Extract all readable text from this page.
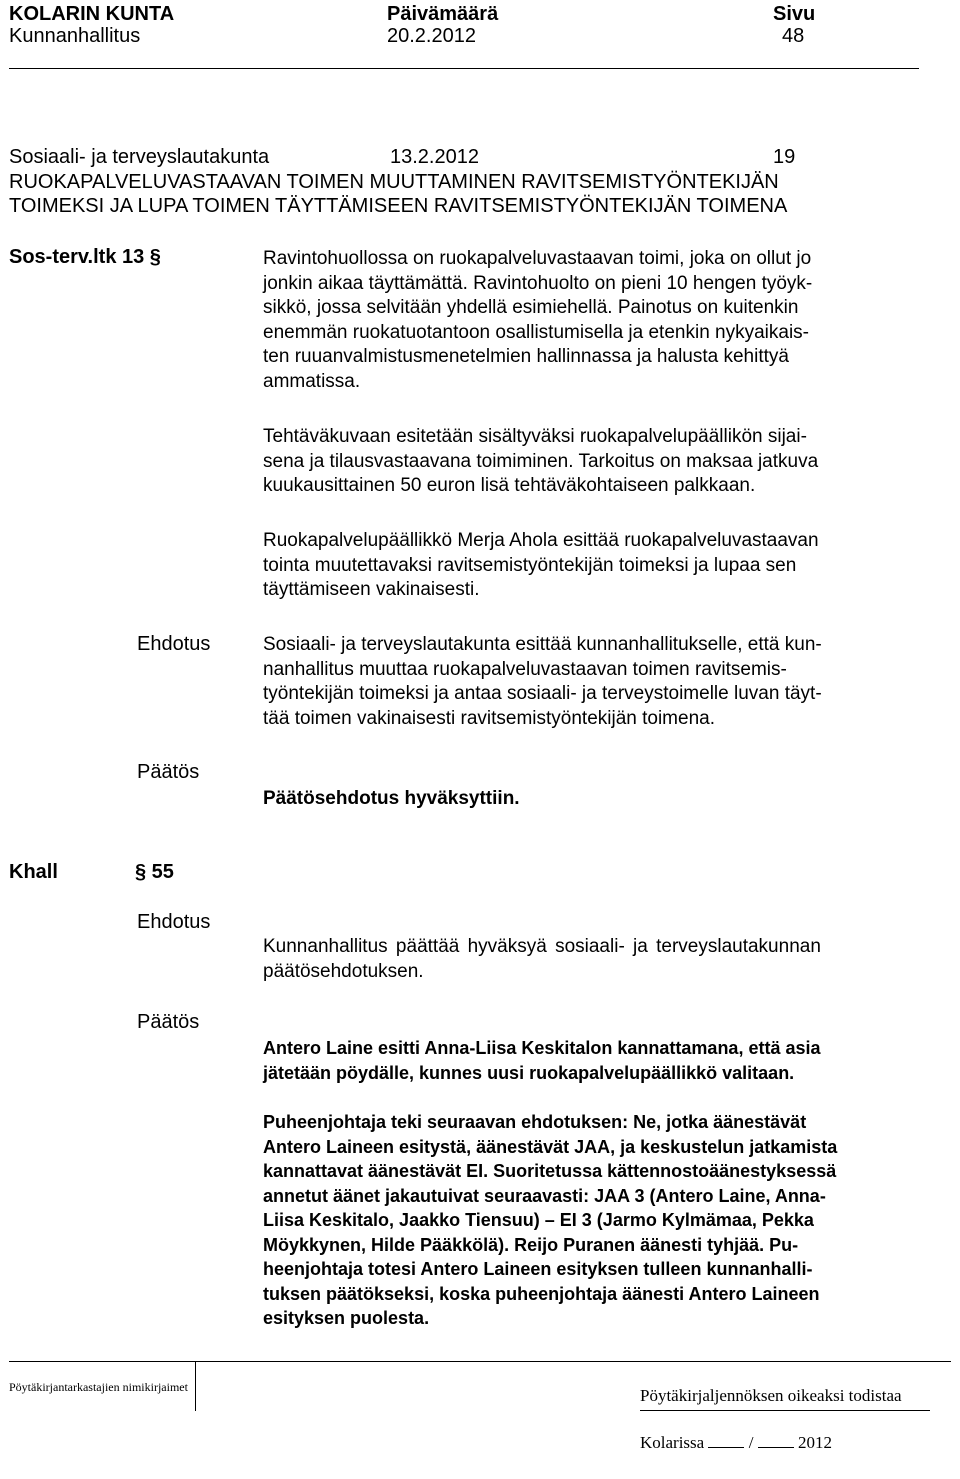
KOLARIN KUNTA	Päivämäärä	Sivu
Kunnanhallitus	20.2.2012	48
Sosiaali- ja terveyslautakunta	13.2.2012	19
RUOKAPALVELUVASTAAVAN TOIMEN MUUTTAMINEN RAVITSEMISTYÖNTEKIJÄN
TOIMEKSI JA LUPA TOIMEN TÄYTTÄMISEEN RAVITSEMISTYÖNTEKIJÄN TOIMENA
Sos-terv.ltk 13 §	Ravintohuollossa on ruokapalveluvastaavan toimi, joka on ollut jo
jonkin aikaa täyttämättä. Ravintohuolto on pieni 10 hengen työyk-
sikkö, jossa selvitään yhdellä esimiehellä. Painotus on kuitenkin
enemmän ruokatuotantoon osallistumisella ja etenkin nykyaikais-
ten ruuanvalmistusmenetelmien hallinnassa ja halusta kehittyä
ammatissa.
Tehtäväkuvaan esitetään sisältyväksi ruokapalvelupäällikön sijai-
sena ja tilausvastaavana toimiminen. Tarkoitus on maksaa jatkuva
kuukausittainen 50 euron lisä tehtäväkohtaiseen palkkaan.
Ruokapalvelupäällikkö Merja Ahola esittää ruokapalveluvastaavan
tointa muutettavaksi ravitsemistyöntekijän toimeksi ja lupaa sen
täyttämiseen vakinaisesti.
Ehdotus	Sosiaali- ja terveyslautakunta esittää kunnanhallitukselle, että kun-
nanhallitus muuttaa ruokapalveluvastaavan toimen ravitsemis-
työntekijän toimeksi ja antaa sosiaali- ja terveystoimelle luvan täyt-
tää toimen vakinaisesti ravitsemistyöntekijän toimena.
Päätös
Päätösehdotus hyväksyttiin.
Khall	§ 55
Ehdotus
Kunnanhallitus päättää hyväksyä sosiaali- ja terveyslautakunnan
päätösehdotuksen.
Päätös
Antero Laine esitti Anna-Liisa Keskitalon kannattamana, että asia
jätetään pöydälle, kunnes uusi ruokapalvelupäällikkö valitaan.
Puheenjohtaja teki seuraavan ehdotuksen: Ne, jotka äänestävät
Antero Laineen esitystä, äänestävät JAA, ja keskustelun jatkamista
kannattavat äänestävät EI. Suoritetussa kättennostoäänestyksessä
annetut äänet jakautuivat seuraavasti: JAA 3 (Antero Laine, Anna-
Liisa Keskitalo, Jaakko Tiensuu) – EI 3 (Jarmo Kylmämaa, Pekka
Möykkynen, Hilde Pääkkölä). Reijo Puranen äänesti tyhjää. Pu-
heenjohtaja totesi Antero Laineen esityksen tulleen kunnanhalli-
tuksen päätökseksi, koska puheenjohtaja äänesti Antero Laineen
esityksen puolesta.
Pöytäkirjantarkastajien nimikirjaimet	Pöytäkirjaljennöksen oikeaksi todistaa
Kolarissa	/	2012
